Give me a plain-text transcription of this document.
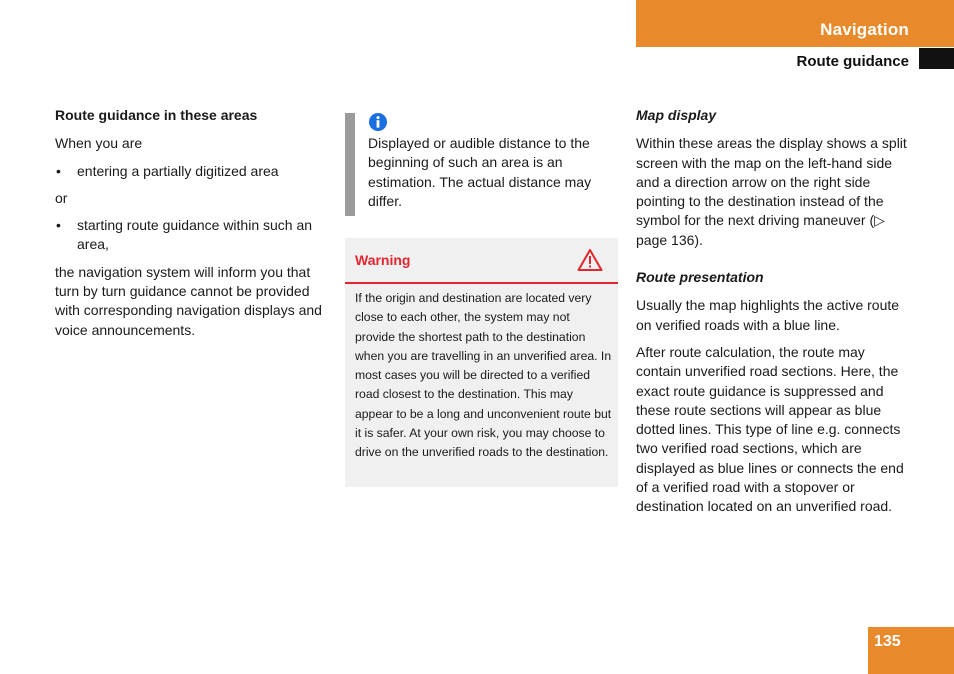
Navigation
Route guidance
Route guidance in these areas

When you are

• entering a partially digitized area

or

• starting route guidance within such an area,

the navigation system will inform you that turn by turn guidance cannot be provided with corresponding navigation displays and voice announcements.

Displayed or audible distance to the beginning of such an area is an estimation. The actual distance may differ.
Warning
If the origin and destination are located very close to each other, the system may not provide the shortest path to the destination when you are travelling in an unverified area. In most cases you will be directed to a verified road closest to the destination. This may appear to be a long and unconvenient route but it is safer. At your own risk, you may choose to drive on the unverified roads to the destination.
Map display

Within these areas the display shows a split screen with the map on the left-hand side and a direction arrow on the right side pointing to the destination instead of the symbol for the next driving maneuver (▷ page 136).

Route presentation

Usually the map highlights the active route on verified roads with a blue line.

After route calculation, the route may contain unverified road sections. Here, the exact route guidance is suppressed and these route sections will appear as blue dotted lines. This type of line e.g. connects two verified road sections, which are displayed as blue lines or connects the end of a verified road with a stopover or destination located on an unverified road.

135
